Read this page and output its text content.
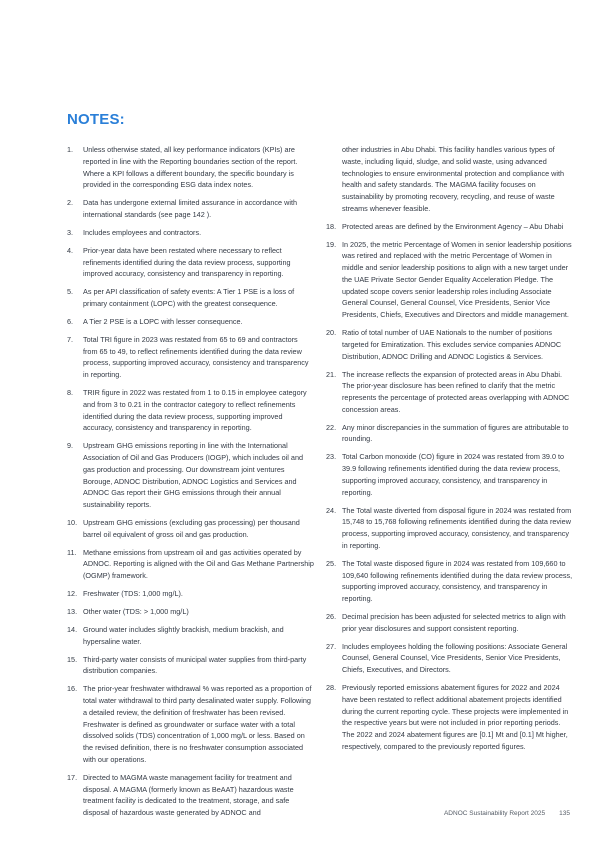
NOTES:
1. Unless otherwise stated, all key performance indicators (KPIs) are reported in line with the Reporting boundaries section of the report. Where a KPI follows a different boundary, the specific boundary is provided in the corresponding ESG data index notes.
2. Data has undergone external limited assurance in accordance with international standards (see page 142 ).
3. Includes employees and contractors.
4. Prior-year data have been restated where necessary to reflect refinements identified during the data review process, supporting improved accuracy, consistency and transparency in reporting.
5. As per API classification of safety events: A Tier 1 PSE is a loss of primary containment (LOPC) with the greatest consequence.
6. A Tier 2 PSE is a LOPC with lesser consequence.
7. Total TRI figure in 2023 was restated from 65 to 69 and contractors from 65 to 49, to reflect refinements identified during the data review process, supporting improved accuracy, consistency and transparency in reporting.
8. TRIR figure in 2022 was restated from 1 to 0.15 in employee category and from 3 to 0.21 in the contractor category to reflect refinements identified during the data review process, supporting improved accuracy, consistency and transparency in reporting.
9. Upstream GHG emissions reporting in line with the International Association of Oil and Gas Producers (IOGP), which includes oil and gas production and processing. Our downstream joint ventures Borouge, ADNOC Distribution, ADNOC Logistics and Services and ADNOC Gas report their GHG emissions through their annual sustainability reports.
10. Upstream GHG emissions (excluding gas processing) per thousand barrel oil equivalent of gross oil and gas production.
11. Methane emissions from upstream oil and gas activities operated by ADNOC. Reporting is aligned with the Oil and Gas Methane Partnership (OGMP) framework.
12. Freshwater (TDS: 1,000 mg/L).
13. Other water (TDS: > 1,000 mg/L)
14. Ground water includes slightly brackish, medium brackish, and hypersaline water.
15. Third-party water consists of municipal water supplies from third-party distribution companies.
16. The prior-year freshwater withdrawal % was reported as a proportion of total water withdrawal to third party desalinated water supply. Following a detailed review, the definition of freshwater has been revised. Freshwater is defined as groundwater or surface water with a total dissolved solids (TDS) concentration of 1,000 mg/L or less. Based on the revised definition, there is no freshwater consumption associated with our operations.
17. Directed to MAGMA waste management facility for treatment and disposal. A MAGMA (formerly known as BeAAT) hazardous waste treatment facility is dedicated to the treatment, storage, and safe disposal of hazardous waste generated by ADNOC and
other industries in Abu Dhabi. This facility handles various types of waste, including liquid, sludge, and solid waste, using advanced technologies to ensure environmental protection and compliance with health and safety standards. The MAGMA facility focuses on sustainability by promoting recovery, recycling, and reuse of waste streams whenever feasible.
18. Protected areas are defined by the Environment Agency – Abu Dhabi
19. In 2025, the metric Percentage of Women in senior leadership positions was retired and replaced with the metric Percentage of Women in middle and senior leadership positions to align with a new target under the UAE Private Sector Gender Equality Acceleration Pledge. The updated scope covers senior leadership roles including Associate General Counsel, General Counsel, Vice Presidents, Senior Vice Presidents, Chiefs, Executives and Directors and middle management.
20. Ratio of total number of UAE Nationals to the number of positions targeted for Emiratization. This excludes service companies ADNOC Distribution, ADNOC Drilling and ADNOC Logistics & Services.
21. The increase reflects the expansion of protected areas in Abu Dhabi. The prior-year disclosure has been refined to clarify that the metric represents the percentage of protected areas overlapping with ADNOC concession areas.
22. Any minor discrepancies in the summation of figures are attributable to rounding.
23. Total Carbon monoxide (CO) figure in 2024 was restated from 39.0 to 39.9 following refinements identified during the data review process, supporting improved accuracy, consistency, and transparency in reporting.
24. The Total waste diverted from disposal figure in 2024 was restated from 15,748 to 15,768 following refinements identified during the data review process, supporting improved accuracy, consistency, and transparency in reporting.
25. The Total waste disposed figure in 2024 was restated from 109,660 to 109,640 following refinements identified during the data review process, supporting improved accuracy, consistency, and transparency in reporting.
26. Decimal precision has been adjusted for selected metrics to align with prior year disclosures and support consistent reporting.
27. Includes employees holding the following positions: Associate General Counsel, General Counsel, Vice Presidents, Senior Vice Presidents, Chiefs, Executives, and Directors.
28. Previously reported emissions abatement figures for 2022 and 2024 have been restated to reflect additional abatement projects identified during the current reporting cycle. These projects were implemented in the respective years but were not included in prior reporting periods. The 2022 and 2024 abatement figures are [0.1] Mt and [0.1] Mt higher, respectively, compared to the previously reported figures.
ADNOC Sustainability Report 2025 135
